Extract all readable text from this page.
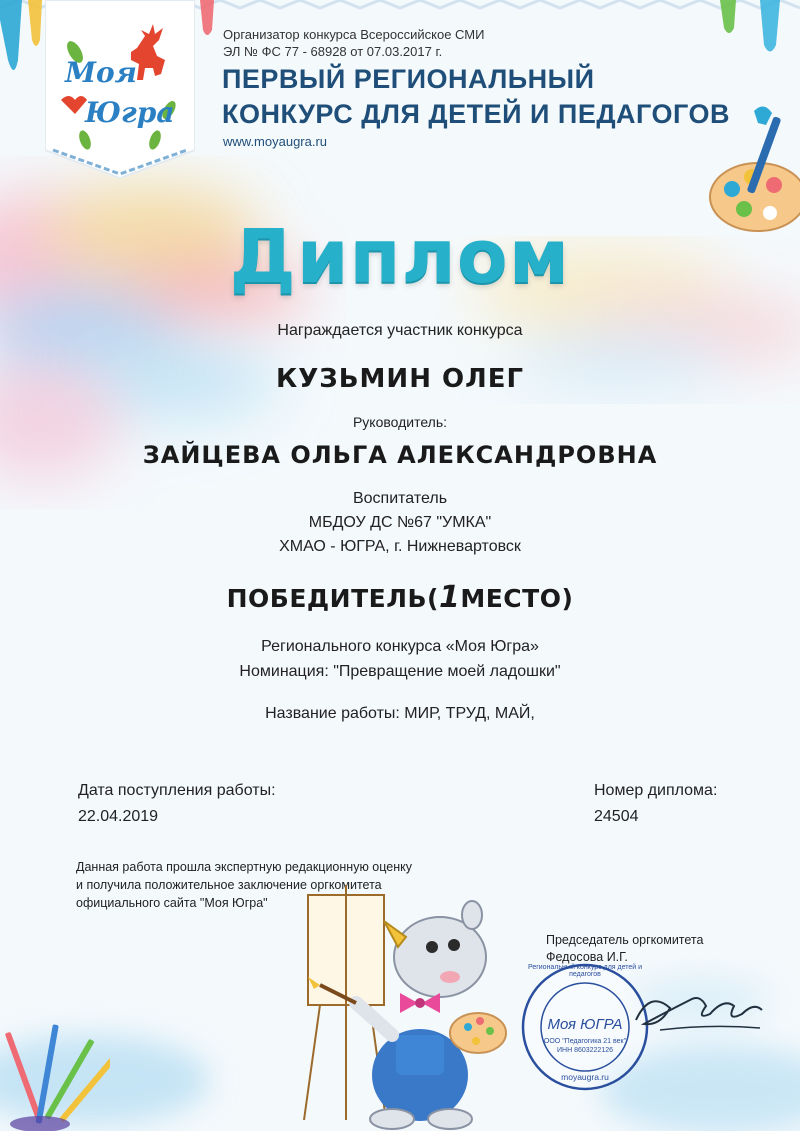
Моя
Югра
Организатор конкурса Всероссийское СМИ
ЭЛ № ФС 77 - 68928 от 07.03.2017 г.
ПЕРВЫЙ РЕГИОНАЛЬНЫЙ
КОНКУРС ДЛЯ ДЕТЕЙ И ПЕДАГОГОВ
www.moyaugra.ru
Диплом
Награждается участник конкурса
КУЗЬМИН ОЛЕГ
Руководитель:
ЗАЙЦЕВА ОЛЬГА АЛЕКСАНДРОВНА
Воспитатель
МБДОУ ДС №67 "УМКА"
ХМАО - ЮГРА, г. Нижневартовск
ПОБЕДИТЕЛЬ(1МЕСТО)
Регионального конкурса «Моя Югра»
Номинация: "Превращение моей ладошки"
Название работы: МИР, ТРУД, МАЙ,
Дата поступления работы:
22.04.2019
Номер диплома:
24504
Данная работа прошла экспертную редакционную оценку
и получила положительное заключение оргкомитета
официального сайта "Моя Югра"
Председатель оргкомитета
Федосова И.Г.
Региональный конкурс для детей и педагогов
Моя ЮГРА
ООО "Педагогика 21 век"
ИНН 8603222126
moyaugra.ru
